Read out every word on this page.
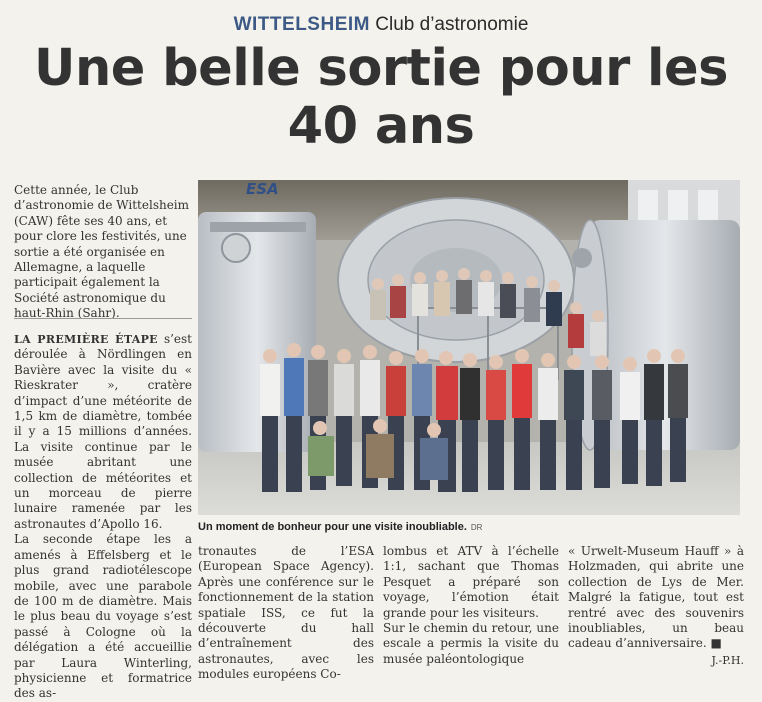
WITTELSHEIM Club d’astronomie
Une belle sortie pour les 40 ans

Cette année, le Club d’astronomie de Wittelsheim (CAW) fête ses 40 ans, et pour clore les festivités, une sortie a été organisée en Allemagne, a laquelle participait également la Société astronomique du haut-Rhin (Sahr).

LA PREMIÈRE ÉTAPE s’est déroulée à Nördlingen en Bavière avec la visite du « Rieskrater », cratère d’impact d’une météorite de 1,5 km de diamètre, tombée il y a 15 millions d’années. La visite continue par le musée abritant une collection de météorites et un morceau de pierre lunaire ramenée par les astronautes d’Apollo 16.

La seconde étape les a amenés à Effelsberg et le plus grand radiotélescope mobile, avec une parabole de 100 m de diamètre. Mais le plus beau du voyage s’est passé à Cologne où la délégation a été accueillie par Laura Winterling, physicienne et formatrice des as-

ESA
Un moment de bonheur pour une visite inoubliable. DR

tronautes de l’ESA (European Space Agency). Après une conférence sur le fonctionnement de la station spatiale ISS, ce fut la découverte du hall d’entraînement des astronautes, avec les modules européens Co-

lombus et ATV à l’échelle 1:1, sachant que Thomas Pesquet a préparé son voyage, l’émotion était grande pour les visiteurs.

Sur le chemin du retour, une escale a permis la visite du musée paléontologique

« Urwelt-Museum Hauff » à Holzmaden, qui abrite une collection de Lys de Mer. Malgré la fatigue, tout est rentré avec des souvenirs inoubliables, un beau cadeau d’anniversaire. ■

J.-P.H.
